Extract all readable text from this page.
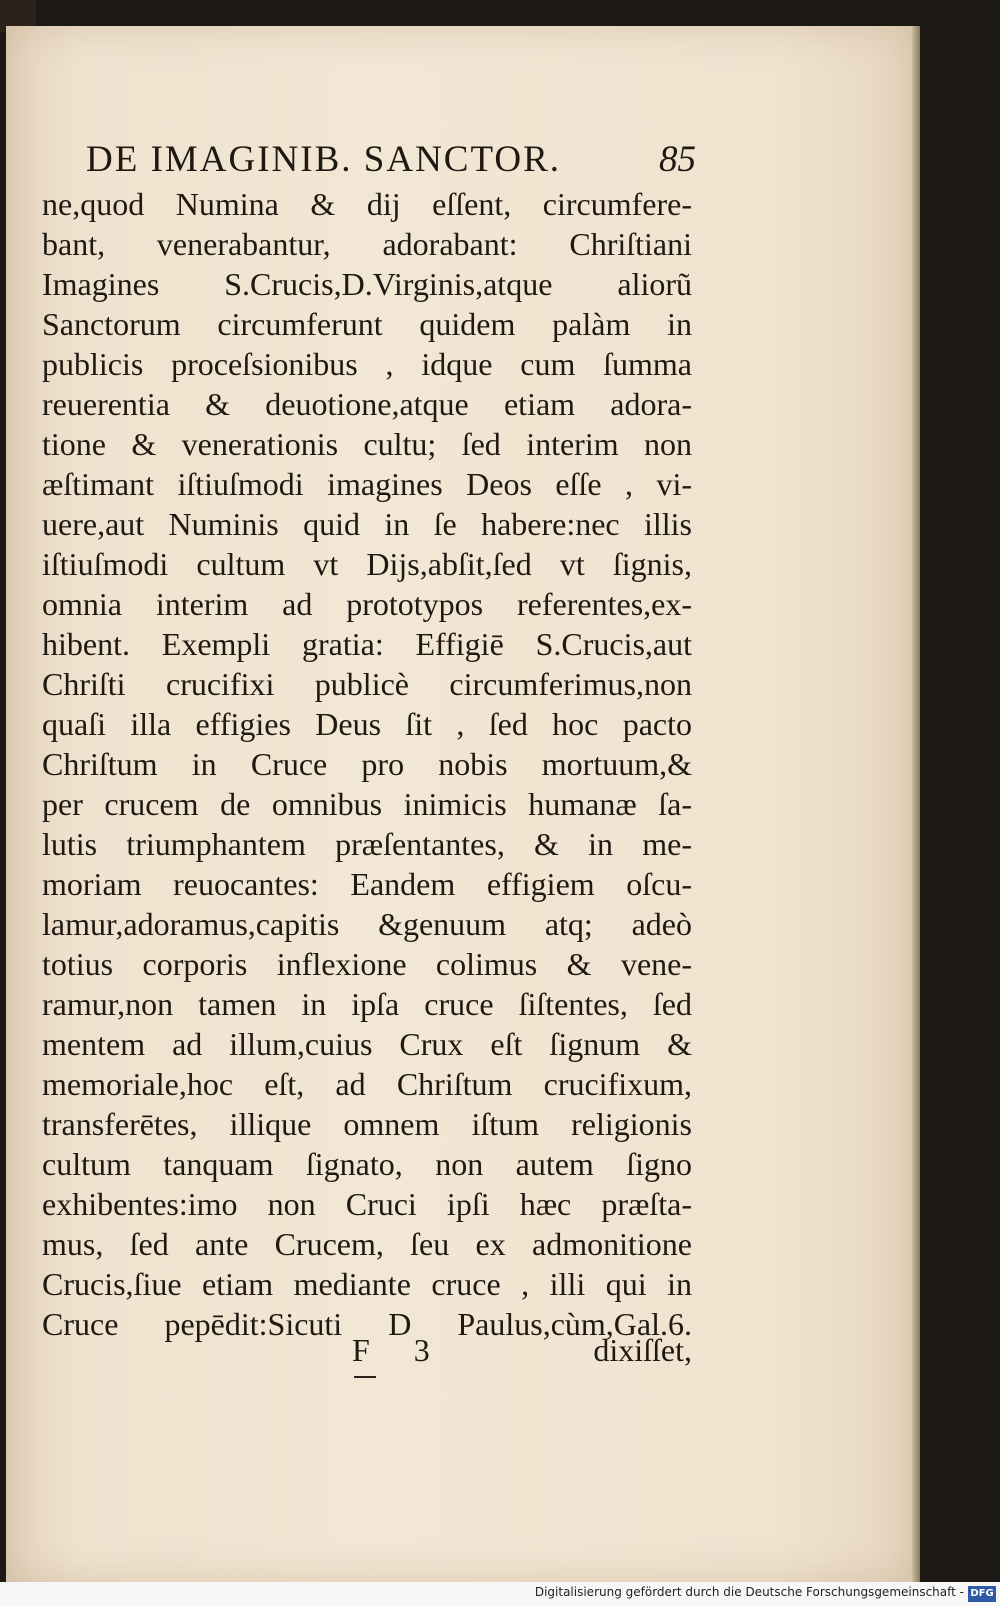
DE IMAGINIB. SANCTOR.	85
ne,quod Numina & dij eſſent, circumfere-
bant, venerabantur, adorabant: Chriſtiani
Imagines S.Crucis,D.Virginis,atque aliorũ
Sanctorum circumferunt quidem palàm in
publicis proceſsionibus , idque cum ſumma
reuerentia & deuotione,atque etiam adora-
tione & venerationis cultu; ſed interim non
æſtimant iſtiuſmodi imagines Deos eſſe , vi-
uere,aut Numinis quid in ſe habere:nec illis
iſtiuſmodi cultum vt Dijs,abſit,ſed vt ſignis,
omnia interim ad prototypos referentes,ex-
hibent. Exempli gratia: Effigiē S.Crucis,aut
Chriſti crucifixi publicè circumferimus,non
quaſi illa effigies Deus ſit , ſed hoc pacto
Chriſtum in Cruce pro nobis mortuum,&
per crucem de omnibus inimicis humanæ ſa-
lutis triumphantem præſentantes, & in me-
moriam reuocantes: Eandem effigiem oſcu-
lamur,adoramus,capitis &genuum atq; adeò
totius corporis inflexione colimus & vene-
ramur,non tamen in ipſa cruce ſiſtentes, ſed
mentem ad illum,cuius Crux eſt ſignum &
memoriale,hoc eſt, ad Chriſtum crucifixum,
transferētes, illique omnem iſtum religionis
cultum tanquam ſignato, non autem ſigno
exhibentes:imo non Cruci ipſi hæc præſta-
mus, ſed ante Crucem, ſeu ex admonitione
Crucis,ſiue etiam mediante cruce , illi qui in
Cruce pepēdit:Sicuti D Paulus,cùm,Gal.6.
F 3	dixiſſet,
Digitalisierung gefördert durch die Deutsche Forschungsgemeinschaft - DFG
